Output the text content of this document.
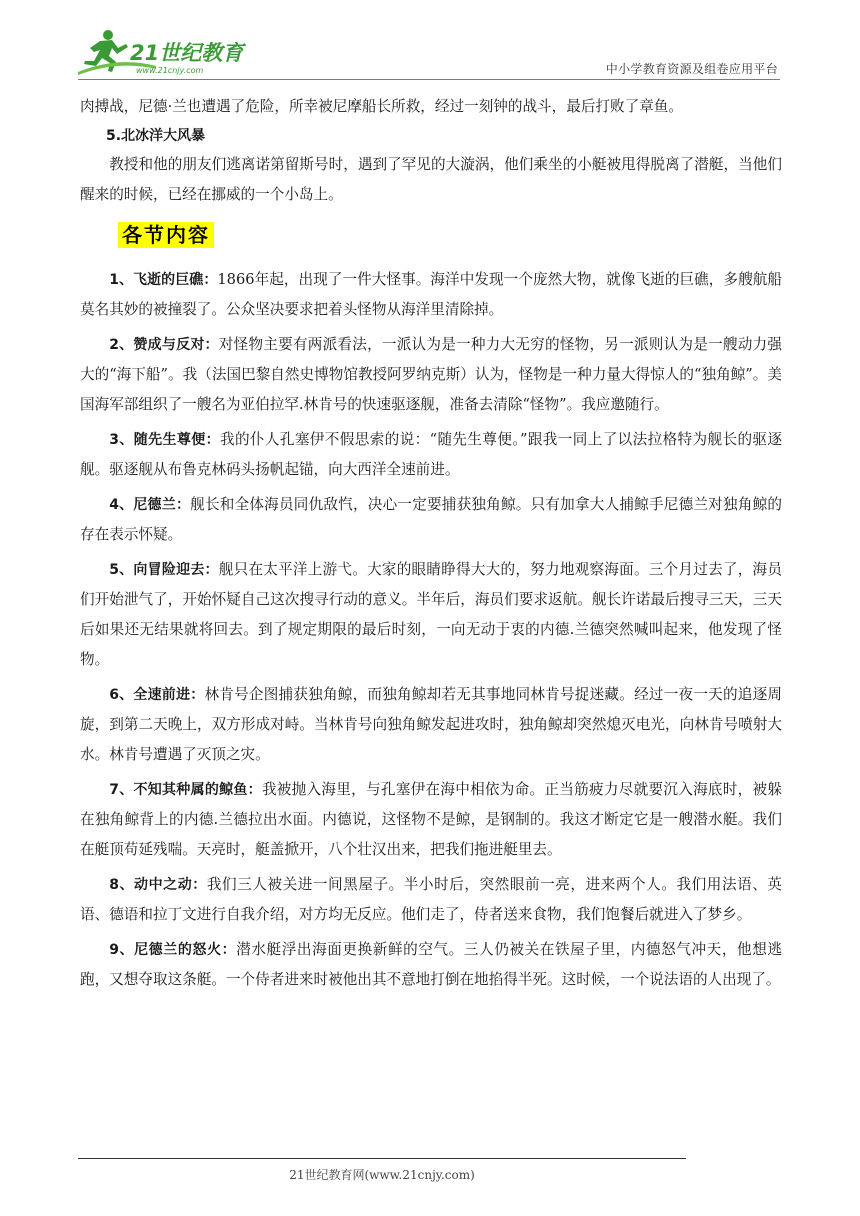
21世纪教育
www.21cnjy.com	中小学教育资源及组卷应用平台

肉搏战，尼德·兰也遭遇了危险，所幸被尼摩船长所救，经过一刻钟的战斗，最后打败了章鱼。

5.北冰洋大风暴

教授和他的朋友们逃离诺第留斯号时，遇到了罕见的大漩涡，他们乘坐的小艇被甩得脱离了潜艇，当他们醒来的时候，已经在挪威的一个小岛上。

各节内容

1、飞逝的巨礁：1866年起，出现了一件大怪事。海洋中发现一个庞然大物，就像飞逝的巨礁，多艘航船莫名其妙的被撞裂了。公众坚决要求把着头怪物从海洋里清除掉。

2、赞成与反对：对怪物主要有两派看法，一派认为是一种力大无穷的怪物，另一派则认为是一艘动力强大的“海下船”。我（法国巴黎自然史博物馆教授阿罗纳克斯）认为，怪物是一种力量大得惊人的“独角鲸”。美国海军部组织了一艘名为亚伯拉罕.林肯号的快速驱逐舰，准备去清除“怪物”。我应邀随行。

3、随先生尊便：我的仆人孔塞伊不假思索的说：“随先生尊便。”跟我一同上了以法拉格特为舰长的驱逐舰。驱逐舰从布鲁克林码头扬帆起锚，向大西洋全速前进。

4、尼德兰：舰长和全体海员同仇敌忾，决心一定要捕获独角鲸。只有加拿大人捕鲸手尼德兰对独角鲸的存在表示怀疑。

5、向冒险迎去：舰只在太平洋上游弋。大家的眼睛睁得大大的，努力地观察海面。三个月过去了，海员们开始泄气了，开始怀疑自己这次搜寻行动的意义。半年后，海员们要求返航。舰长许诺最后搜寻三天，三天后如果还无结果就将回去。到了规定期限的最后时刻，一向无动于衷的内德.兰德突然喊叫起来，他发现了怪物。

6、全速前进：林肯号企图捕获独角鲸，而独角鲸却若无其事地同林肯号捉迷藏。经过一夜一天的追逐周旋，到第二天晚上，双方形成对峙。当林肯号向独角鲸发起进攻时，独角鲸却突然熄灭电光，向林肯号喷射大水。林肯号遭遇了灭顶之灾。

7、不知其种属的鲸鱼：我被抛入海里，与孔塞伊在海中相依为命。正当筋疲力尽就要沉入海底时，被躲在独角鲸背上的内德.兰德拉出水面。内德说，这怪物不是鲸，是钢制的。我这才断定它是一艘潜水艇。我们在艇顶苟延残喘。天亮时，艇盖掀开，八个壮汉出来，把我们拖进艇里去。

8、动中之动：我们三人被关进一间黑屋子。半小时后，突然眼前一亮，进来两个人。我们用法语、英语、德语和拉丁文进行自我介绍，对方均无反应。他们走了，侍者送来食物，我们饱餐后就进入了梦乡。

9、尼德兰的怒火：潜水艇浮出海面更换新鲜的空气。三人仍被关在铁屋子里，内德怒气冲天，他想逃跑，又想夺取这条艇。一个侍者进来时被他出其不意地打倒在地掐得半死。这时候，一个说法语的人出现了。

21世纪教育网(www.21cnjy.com)
